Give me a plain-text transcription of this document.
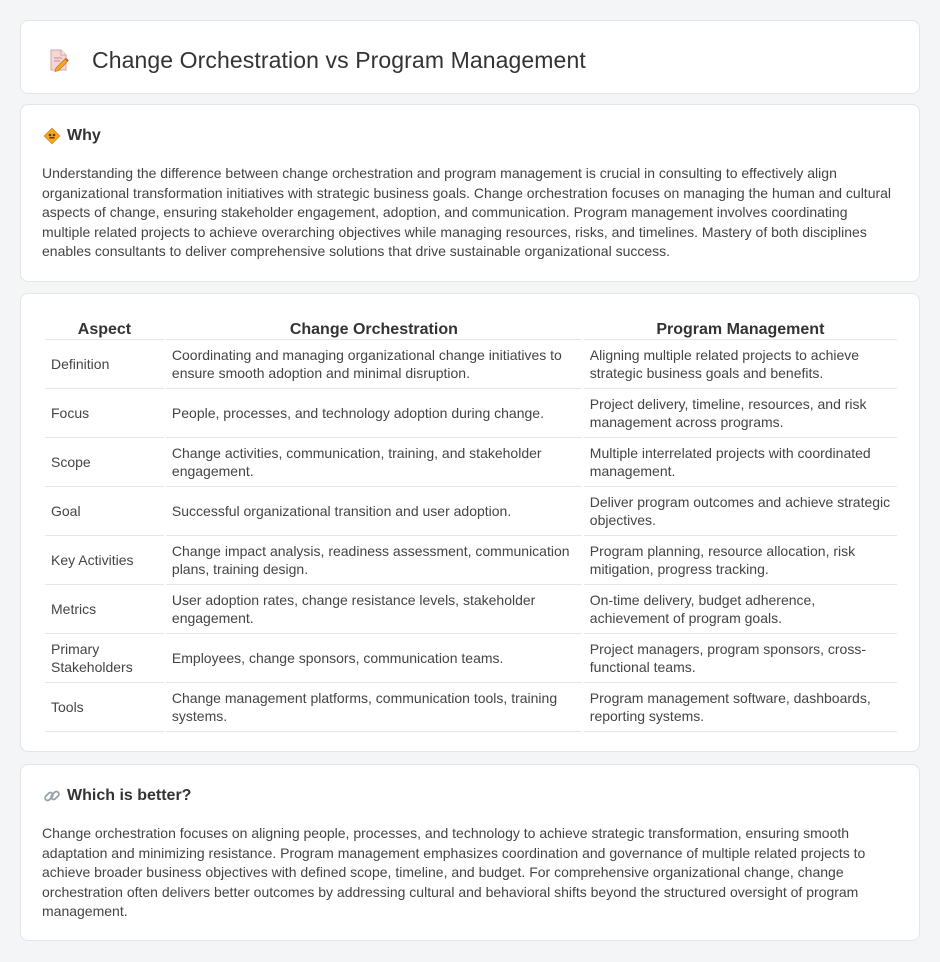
Change Orchestration vs Program Management
Why

Understanding the difference between change orchestration and program management is crucial in consulting to effectively align organizational transformation initiatives with strategic business goals. Change orchestration focuses on managing the human and cultural aspects of change, ensuring stakeholder engagement, adoption, and communication. Program management involves coordinating multiple related projects to achieve overarching objectives while managing resources, risks, and timelines. Mastery of both disciplines enables consultants to deliver comprehensive solutions that drive sustainable organizational success.

Aspect	Change Orchestration	Program Management
Definition	Coordinating and managing organizational change initiatives to ensure smooth adoption and minimal disruption.	Aligning multiple related projects to achieve strategic business goals and benefits.
Focus	People, processes, and technology adoption during change.	Project delivery, timeline, resources, and risk management across programs.
Scope	Change activities, communication, training, and stakeholder engagement.	Multiple interrelated projects with coordinated management.
Goal	Successful organizational transition and user adoption.	Deliver program outcomes and achieve strategic objectives.
Key Activities	Change impact analysis, readiness assessment, communication plans, training design.	Program planning, resource allocation, risk mitigation, progress tracking.
Metrics	User adoption rates, change resistance levels, stakeholder engagement.	On-time delivery, budget adherence, achievement of program goals.
Primary Stakeholders	Employees, change sponsors, communication teams.	Project managers, program sponsors, cross-functional teams.
Tools	Change management platforms, communication tools, training systems.	Program management software, dashboards, reporting systems.
Which is better?

Change orchestration focuses on aligning people, processes, and technology to achieve strategic transformation, ensuring smooth adaptation and minimizing resistance. Program management emphasizes coordination and governance of multiple related projects to achieve broader business objectives with defined scope, timeline, and budget. For comprehensive organizational change, change orchestration often delivers better outcomes by addressing cultural and behavioral shifts beyond the structured oversight of program management.
